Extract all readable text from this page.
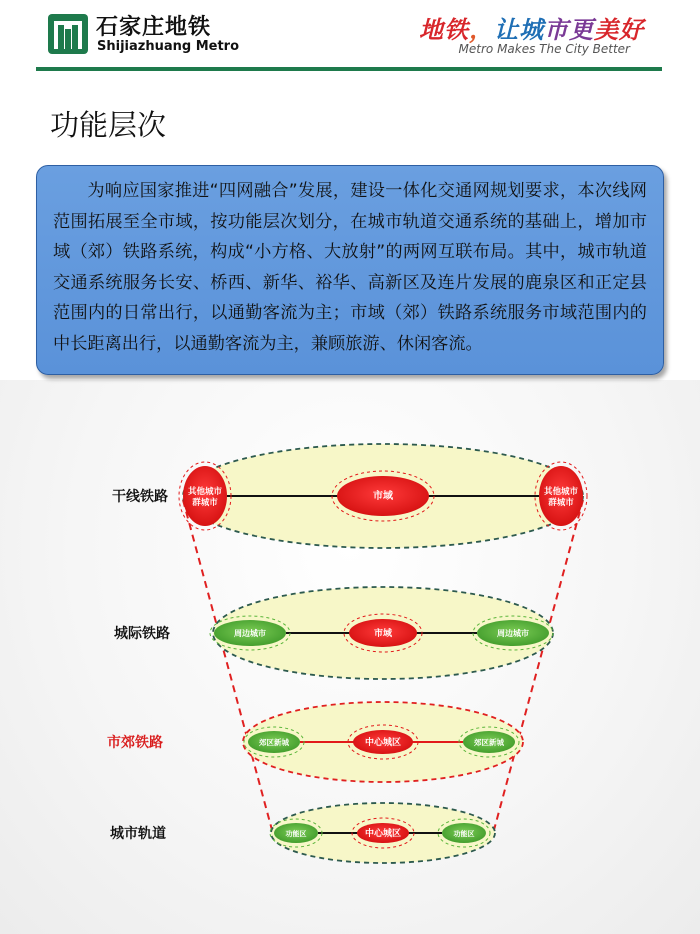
石家庄地铁
Shijiazhuang Metro
地铁，让城市更美好
Metro Makes The City Better
功能层次
为响应国家推进“四网融合”发展，建设一体化交通网规划要求，本次线网范围拓展至全市域，按功能层次划分，在城市轨道交通系统的基础上，增加市域（郊）铁路系统，构成“小方格、大放射”的两网互联布局。其中，城市轨道交通系统服务长安、桥西、新华、裕华、高新区及连片发展的鹿泉区和正定县范围内的日常出行，以通勤客流为主；市域（郊）铁路系统服务市域范围内的中长距离出行，以通勤客流为主，兼顾旅游、休闲客流。
其他城市群城市
其他城市群城市
市域
干线铁路
周边城市	周边城市
市域
城际铁路
郊区新城	郊区新城
中心城区
市郊铁路
功能区	功能区
中心城区
城市轨道
